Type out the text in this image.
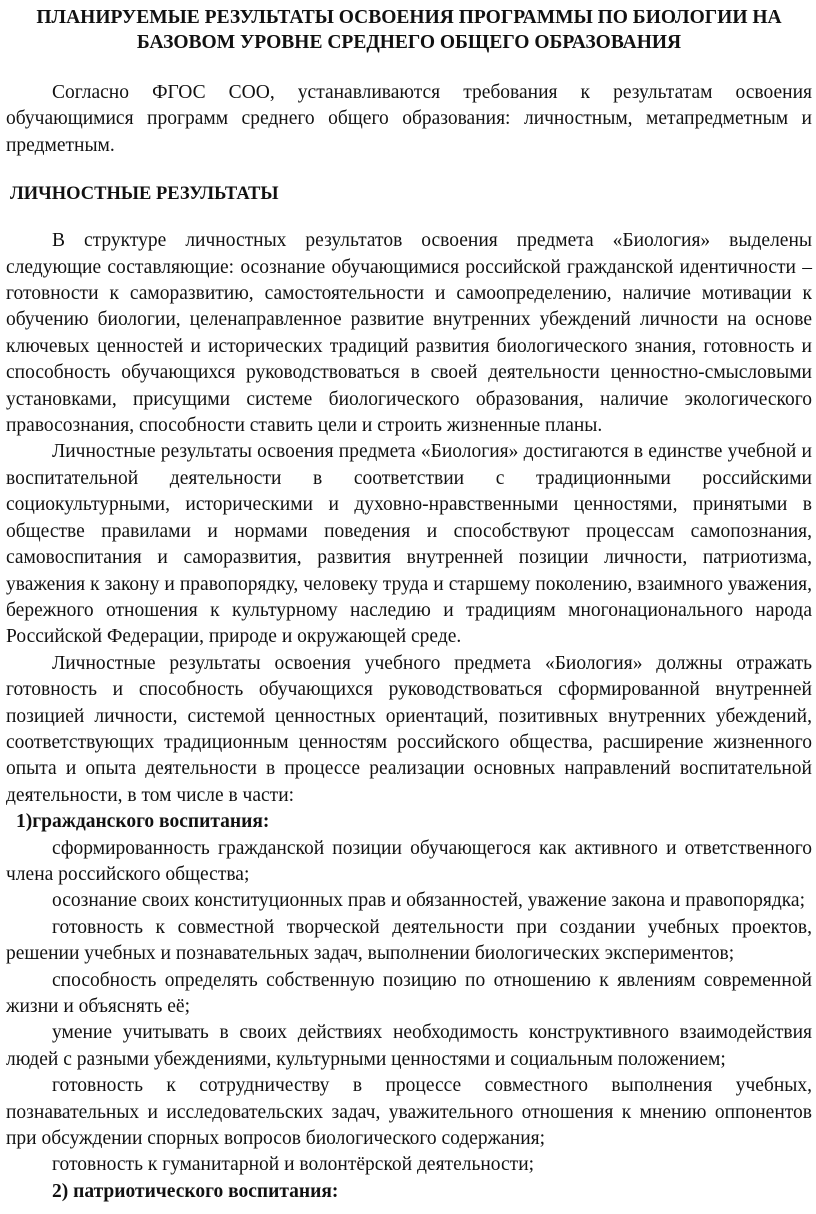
ПЛАНИРУЕМЫЕ РЕЗУЛЬТАТЫ ОСВОЕНИЯ ПРОГРАММЫ ПО БИОЛОГИИ НА
БАЗОВОМ УРОВНЕ СРЕДНЕГО ОБЩЕГО ОБРАЗОВАНИЯ

Согласно ФГОС СОО, устанавливаются требования к результатам освоения обучающимися программ среднего общего образования: личностным, метапредметным и предметным.

ЛИЧНОСТНЫЕ РЕЗУЛЬТАТЫ

В структуре личностных результатов освоения предмета «Биология» выделены следующие составляющие: осознание обучающимися российской гражданской идентичности – готовности к саморазвитию, самостоятельности и самоопределению, наличие мотивации к обучению биологии, целенаправленное развитие внутренних убеждений личности на основе ключевых ценностей и исторических традиций развития биологического знания, готовность и способность обучающихся руководствоваться в своей деятельности ценностно-смысловыми установками, присущими системе биологического образования, наличие экологического правосознания, способности ставить цели и строить жизненные планы.

Личностные результаты освоения предмета «Биология» достигаются в единстве учебной и воспитательной деятельности в соответствии с традиционными российскими социокультурными, историческими и духовно-нравственными ценностями, принятыми в обществе правилами и нормами поведения и способствуют процессам самопознания, самовоспитания и саморазвития, развития внутренней позиции личности, патриотизма, уважения к закону и правопорядку, человеку труда и старшему поколению, взаимного уважения, бережного отношения к культурному наследию и традициям многонационального народа Российской Федерации, природе и окружающей среде.

Личностные результаты освоения учебного предмета «Биология» должны отражать готовность и способность обучающихся руководствоваться сформированной внутренней позицией личности, системой ценностных ориентаций, позитивных внутренних убеждений, соответствующих традиционным ценностям российского общества, расширение жизненного опыта и опыта деятельности в процессе реализации основных направлений воспитательной деятельности, в том числе в части:

1)гражданского воспитания:

сформированность гражданской позиции обучающегося как активного и ответственного члена российского общества;

осознание своих конституционных прав и обязанностей, уважение закона и правопорядка;

готовность к совместной творческой деятельности при создании учебных проектов, решении учебных и познавательных задач, выполнении биологических экспериментов;

способность определять собственную позицию по отношению к явлениям современной жизни и объяснять её;

умение учитывать в своих действиях необходимость конструктивного взаимодействия людей с разными убеждениями, культурными ценностями и социальным положением;

готовность к сотрудничеству в процессе совместного выполнения учебных, познавательных и исследовательских задач, уважительного отношения к мнению оппонентов при обсуждении спорных вопросов биологического содержания;

готовность к гуманитарной и волонтёрской деятельности;

2) патриотического воспитания:
